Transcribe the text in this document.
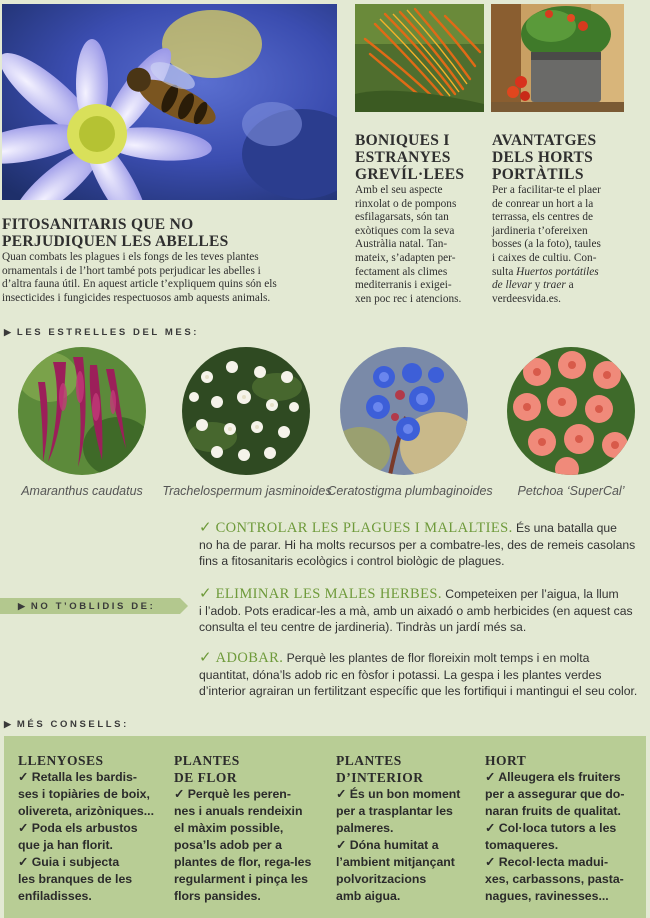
FITOSANITARIS QUE NO
PERJUDIQUEN LES ABELLES
Quan combats les plagues i els fongs de les teves plantes
ornamentals i de l’hort també pots perjudicar les abelles i
d’altra fauna útil. En aquest article t’expliquem quins són els
insecticides i fungicides respectuosos amb aquests animals.
BONIQUES I
ESTRANYES
GREVÍL·LEES
Amb el seu aspecte
rinxolat o de pompons
esfilagarsats, són tan
exòtiques com la seva
Austràlia natal. Tan-
mateix, s’adapten per-
fectament als climes
mediterranis i exigei-
xen poc rec i atencions.
AVANTATGES
DELS HORTS
PORTÀTILS
Per a facilitar-te el plaer
de conrear un hort a la
terrassa, els centres de
jardineria t’ofereixen
bosses (a la foto), taules
i caixes de cultiu. Con-
sulta Huertos portátiles
de llevar y traer a
verdeesvida.es.
▶ LES ESTRELLES DEL MES:
Amaranthus caudatus	Trachelospermum jasminoides
Ceratostigma plumbaginoides	Petchoa ‘SuperCal’
▶ NO T’OBLIDIS DE:
✓ CONTROLAR LES PLAGUES I MALALTIES. És una batalla que
no ha de parar. Hi ha molts recursos per a combatre-les, des de remeis casolans
fins a fitosanitaris ecològics i control biològic de plagues.
✓ ELIMINAR LES MALES HERBES. Competeixen per l’aigua, la llum
i l’adob. Pots eradicar-les a mà, amb un aixadó o amb herbicides (en aquest cas
consulta el teu centre de jardineria). Tindràs un jardí més sa.
✓ ADOBAR. Perquè les plantes de flor floreixin molt temps i en molta
quantitat, dóna’ls adob ric en fòsfor i potassi. La gespa i les plantes verdes
d’interior agrairan un fertilitzant específic que les fortifiqui i mantingui el seu color.
▶ MÉS CONSELLS:
LLENYOSES
✓ Retalla les bardis-
ses i topiàries de boix,
olivereta, arizòniques...
✓ Poda els arbustos
que ja han florit.
✓ Guia i subjecta
les branques de les
enfiladisses.
PLANTES
DE FLOR
✓ Perquè les peren-
nes i anuals rendeixin
el màxim possible,
posa’ls adob per a
plantes de flor, rega-les
regularment i pinça les
flors pansides.
PLANTES
D’INTERIOR
✓ És un bon moment
per a trasplantar les
palmeres.
✓ Dóna humitat a
l’ambient mitjançant
polvoritzacions
amb aigua.
HORT
✓ Alleugera els fruiters
per a assegurar que do-
naran fruits de qualitat.
✓ Col·loca tutors a les
tomaqueres.
✓ Recol·lecta madui-
xes, carbassons, pasta-
nagues, ravinesses...
